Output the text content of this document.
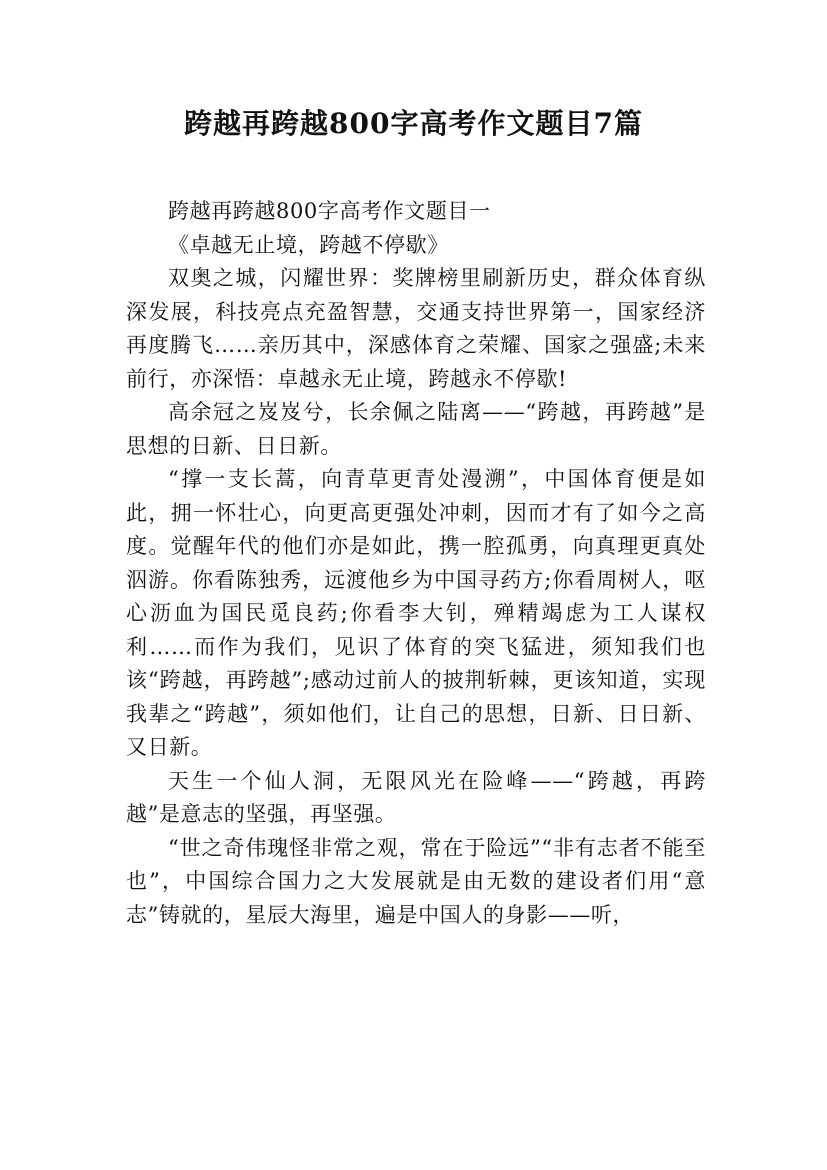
跨越再跨越800字高考作文题目7篇

跨越再跨越800字高考作文题目一

《卓越无止境，跨越不停歇》

双奥之城，闪耀世界：奖牌榜里刷新历史，群众体育纵深发展，科技亮点充盈智慧，交通支持世界第一，国家经济再度腾飞……亲历其中，深感体育之荣耀、国家之强盛;未来前行，亦深悟：卓越永无止境，跨越永不停歇!

高余冠之岌岌兮，长余佩之陆离——“跨越，再跨越”是思想的日新、日日新。

“撑一支长蒿，向青草更青处漫溯”，中国体育便是如此，拥一怀壮心，向更高更强处冲刺，因而才有了如今之高度。觉醒年代的他们亦是如此，携一腔孤勇，向真理更真处泅游。你看陈独秀，远渡他乡为中国寻药方;你看周树人，呕心沥血为国民觅良药;你看李大钊，殚精竭虑为工人谋权利……而作为我们，见识了体育的突飞猛进，须知我们也该“跨越，再跨越”;感动过前人的披荆斩棘，更该知道，实现我辈之“跨越”，须如他们，让自己的思想，日新、日日新、又日新。

天生一个仙人洞，无限风光在险峰——“跨越，再跨越”是意志的坚强，再坚强。

“世之奇伟瑰怪非常之观，常在于险远”“非有志者不能至也”，中国综合国力之大发展就是由无数的建设者们用“意志”铸就的，星辰大海里，遍是中国人的身影——听，
